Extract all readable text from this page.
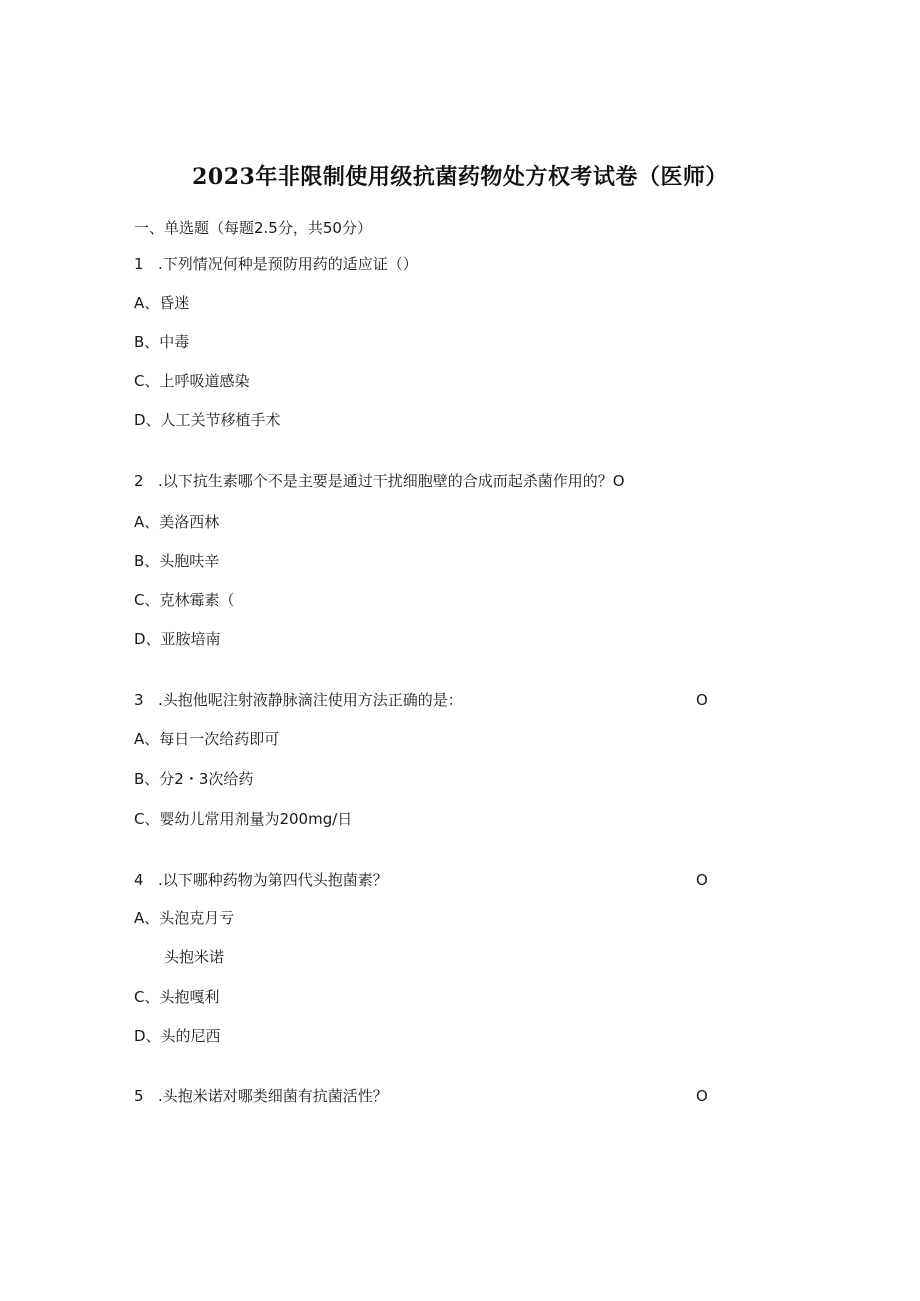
2023年非限制使用级抗菌药物处方权考试卷（医师）
一、单选题（每题2.5分，共50分）
1 .下列情况何种是预防用药的适应证（）
A、昏迷
B、中毒
C、上呼吸道感染
D、人工关节移植手术
2 .以下抗生素哪个不是主要是通过干扰细胞壁的合成而起杀菌作用的？O
A、美洛西林
B、头胞呋辛
C、克林霉素（
D、亚胺培南
3 .头抱他呢注射液静脉滴注使用方法正确的是：	O
A、每日一次给药即可
B、分2・3次给药
C、婴幼儿常用剂量为200mg∕日
4 .以下哪种药物为第四代头抱菌素？	O
A、头泡克月亏
头抱米诺
C、头抱嘎利
D、头的尼西
5 .头抱米诺对哪类细菌有抗菌活性？	O
